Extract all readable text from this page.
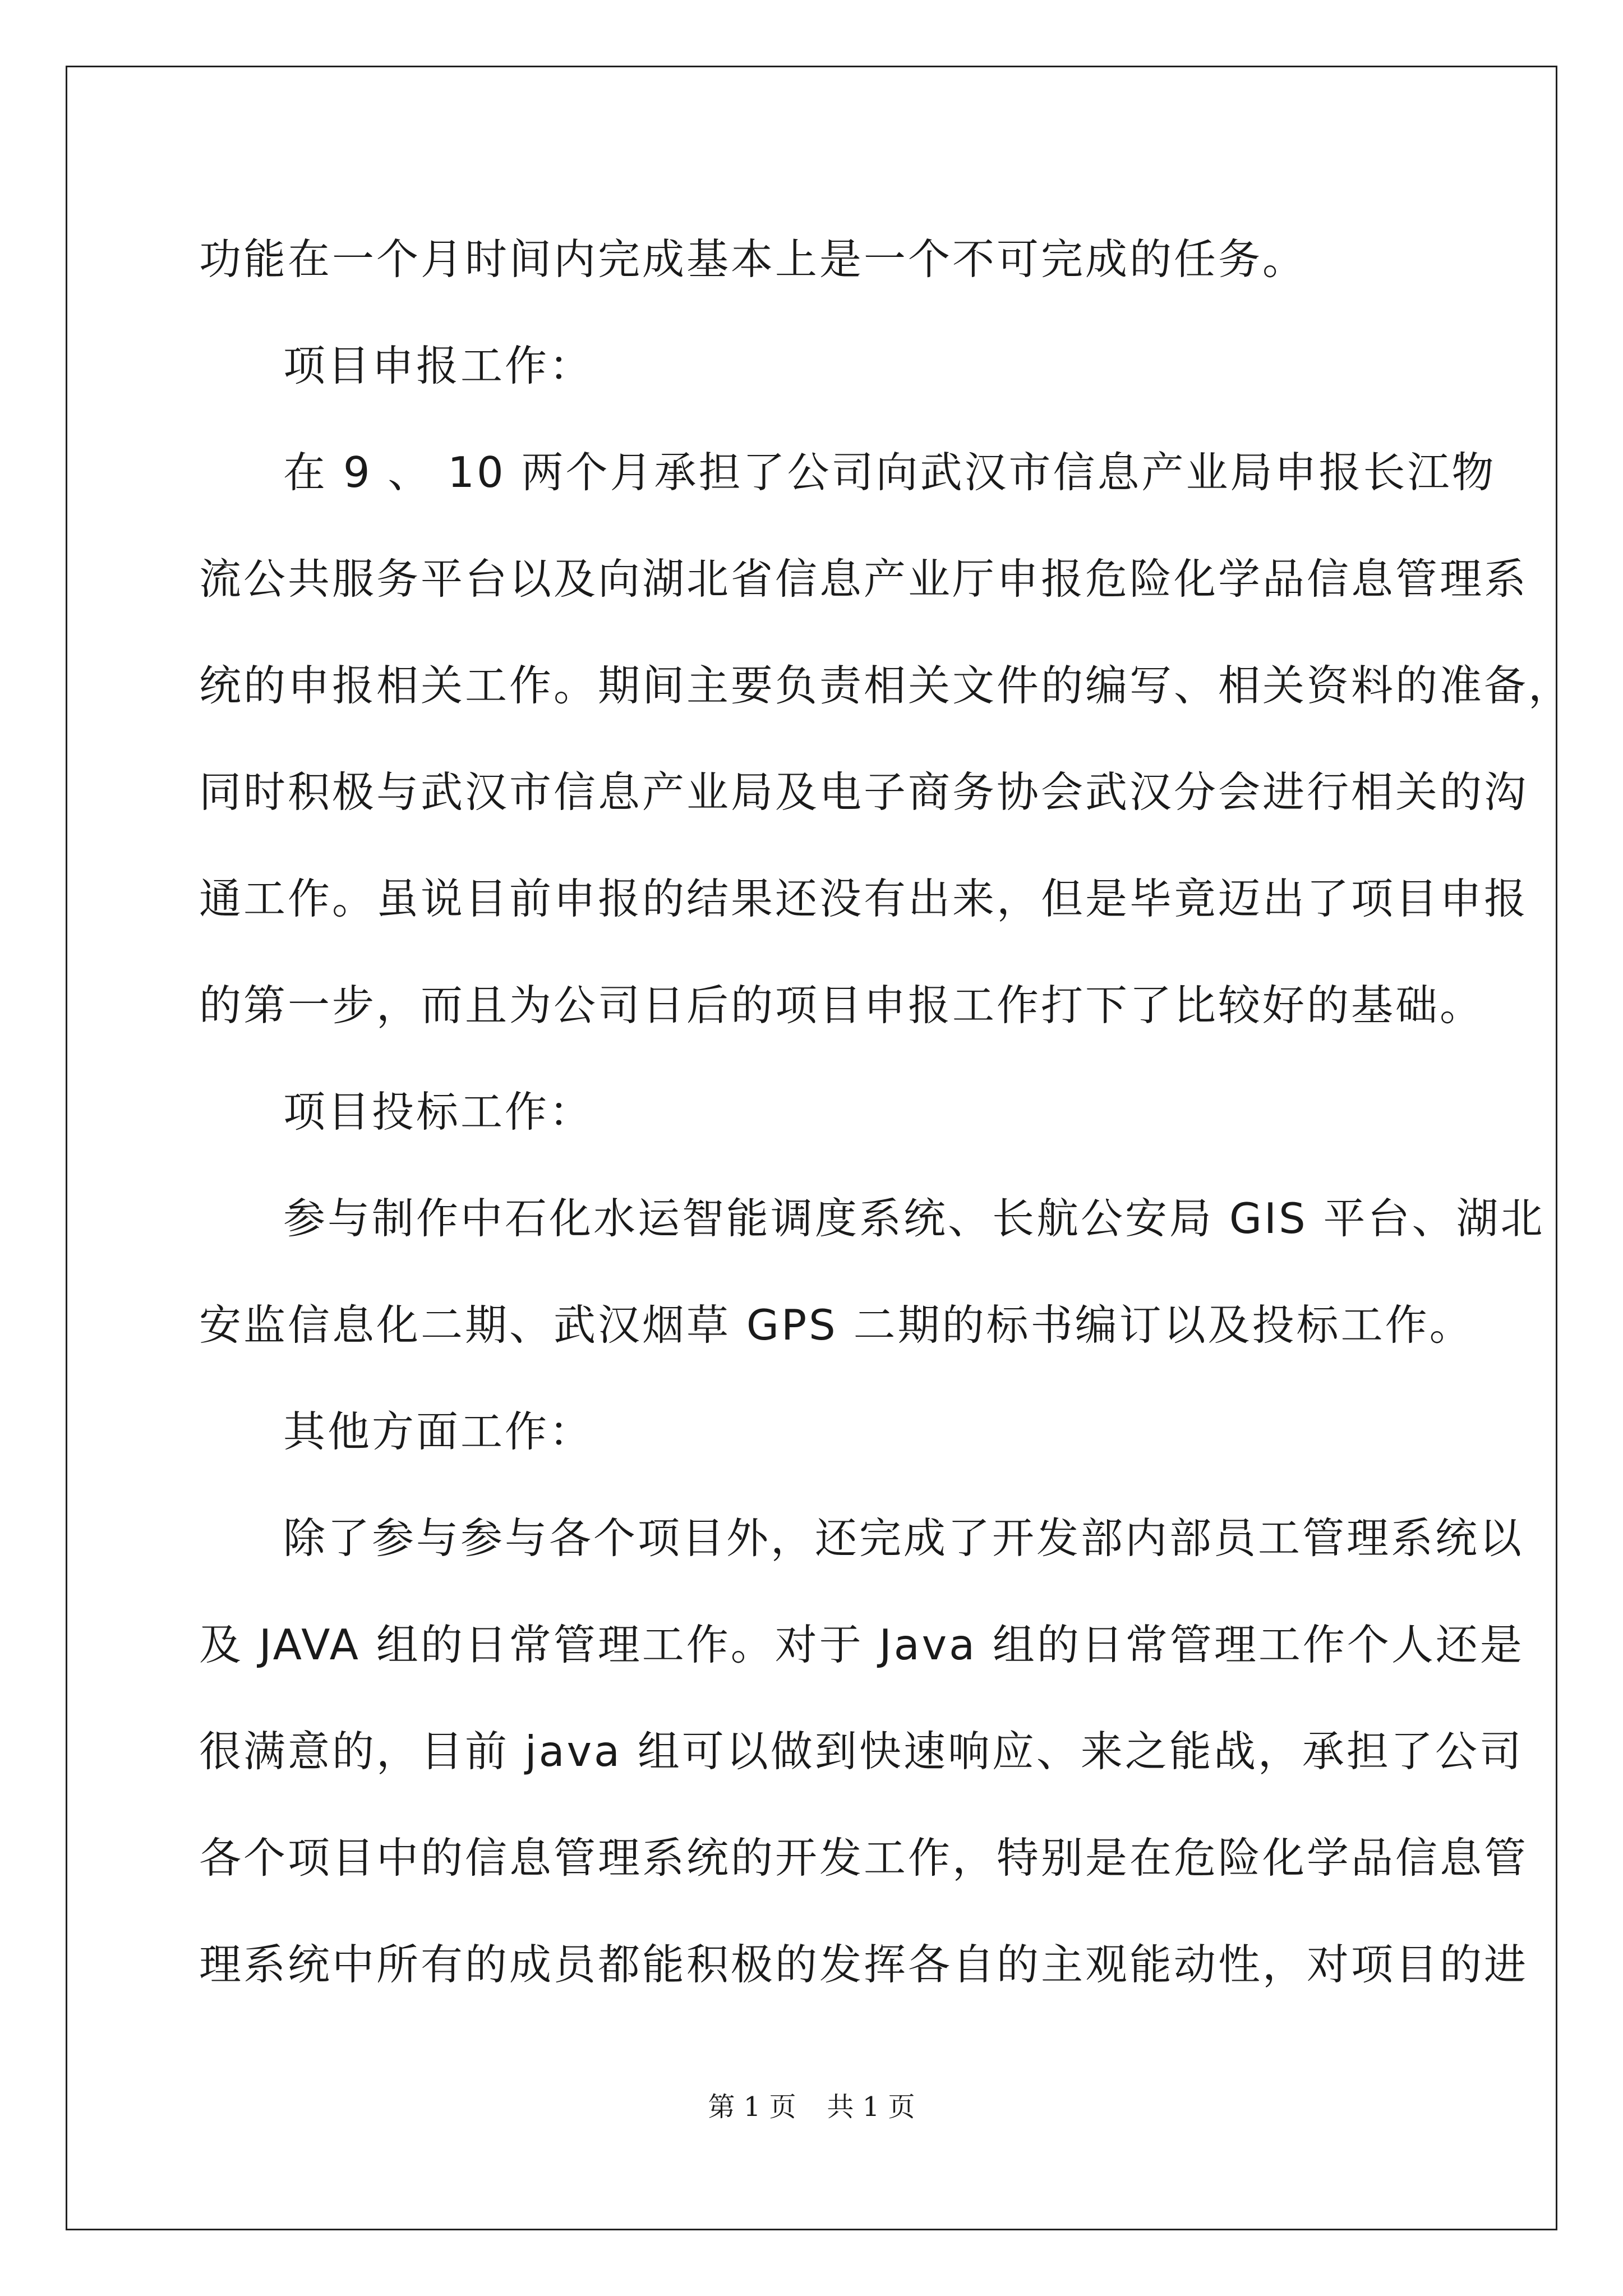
功能在一个月时间内完成基本上是一个不可完成的任务。
项目申报工作：
在 9 、 10 两个月承担了公司向武汉市信息产业局申报长江物
流公共服务平台以及向湖北省信息产业厅申报危险化学品信息管理系
统的申报相关工作。期间主要负责相关文件的编写、相关资料的准备，
同时积极与武汉市信息产业局及电子商务协会武汉分会进行相关的沟
通工作。虽说目前申报的结果还没有出来，但是毕竟迈出了项目申报
的第一步，而且为公司日后的项目申报工作打下了比较好的基础。
项目投标工作：
参与制作中石化水运智能调度系统、长航公安局 GIS 平台、湖北
安监信息化二期、武汉烟草 GPS 二期的标书编订以及投标工作。
其他方面工作：
除了参与参与各个项目外，还完成了开发部内部员工管理系统以
及 JAVA 组的日常管理工作。对于 Java 组的日常管理工作个人还是
很满意的，目前 java 组可以做到快速响应、来之能战，承担了公司
各个项目中的信息管理系统的开发工作，特别是在危险化学品信息管
理系统中所有的成员都能积极的发挥各自的主观能动性，对项目的进
第 1 页 共 1 页
